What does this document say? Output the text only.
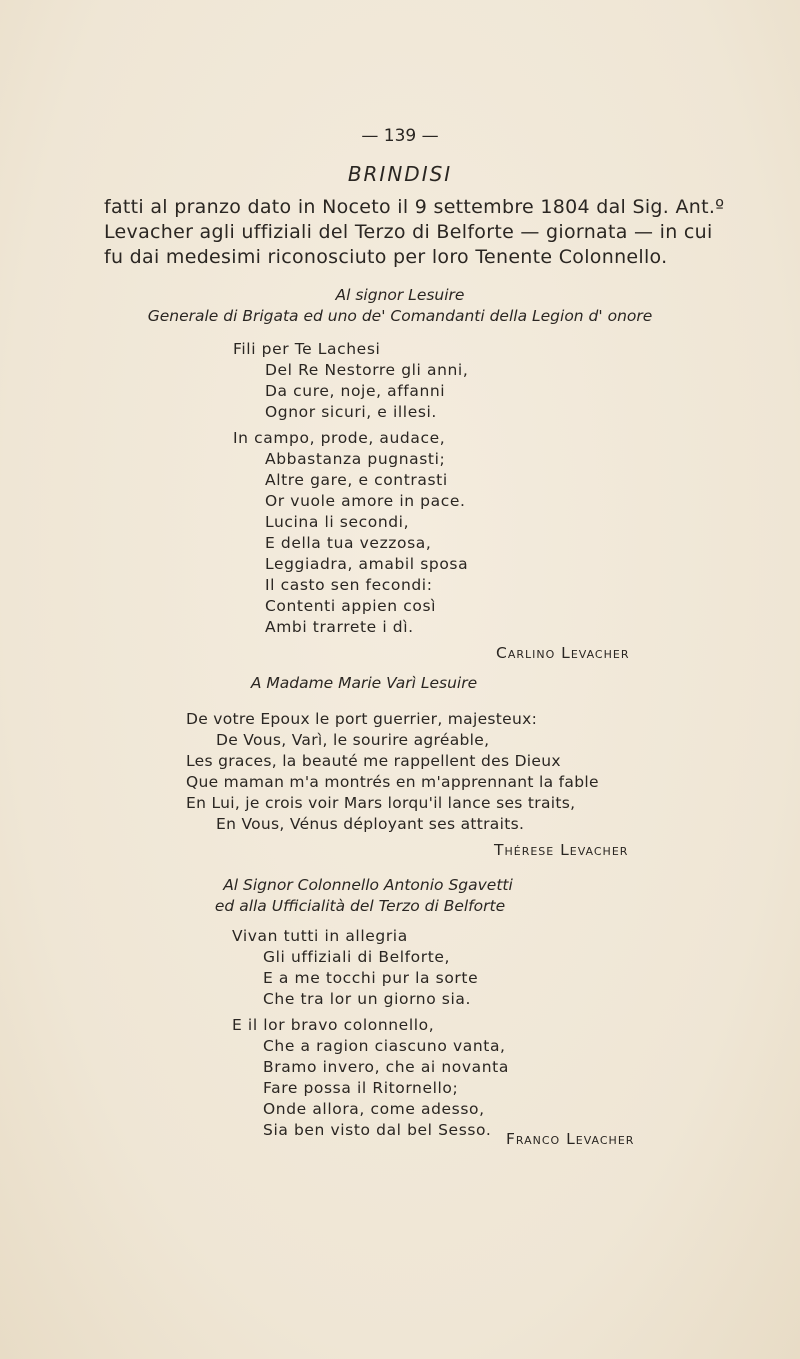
— 139 —
BRINDISI
fatti al pranzo dato in Noceto il 9 settembre 1804 dal Sig. Ant.º
Levacher agli uffiziali del Terzo di Belforte — giornata — in cui
fu dai medesimi riconosciuto per loro Tenente Colonnello.
Al signor Lesuire
Generale di Brigata ed uno de' Comandanti della Legion d' onore
Fili per Te Lachesi
Del Re Nestorre gli anni,
Da cure, noje, affanni
Ognor sicuri, e illesi.
In campo, prode, audace,
Abbastanza pugnasti;
Altre gare, e contrasti
Or vuole amore in pace.
Lucina li secondi,
E della tua vezzosa,
Leggiadra, amabil sposa
Il casto sen fecondi:
Contenti appien così
Ambi trarrete i dì.
Carlino Levacher
A Madame Marie Varì Lesuire
De votre Epoux le port guerrier, majesteux:
De Vous, Varì, le sourire agréable,
Les graces, la beauté me rappellent des Dieux
Que maman m'a montrés en m'apprennant la fable
En Lui, je crois voir Mars lorqu'il lance ses traits,
En Vous, Vénus déployant ses attraits.
Thérese Levacher
Al Signor Colonnello Antonio Sgavetti
ed alla Ufficialità del Terzo di Belforte
Vivan tutti in allegria
Gli uffiziali di Belforte,
E a me tocchi pur la sorte
Che tra lor un giorno sia.
E il lor bravo colonnello,
Che a ragion ciascuno vanta,
Bramo invero, che ai novanta
Fare possa il Ritornello;
Onde allora, come adesso,
Sia ben visto dal bel Sesso. Franco Levacher
